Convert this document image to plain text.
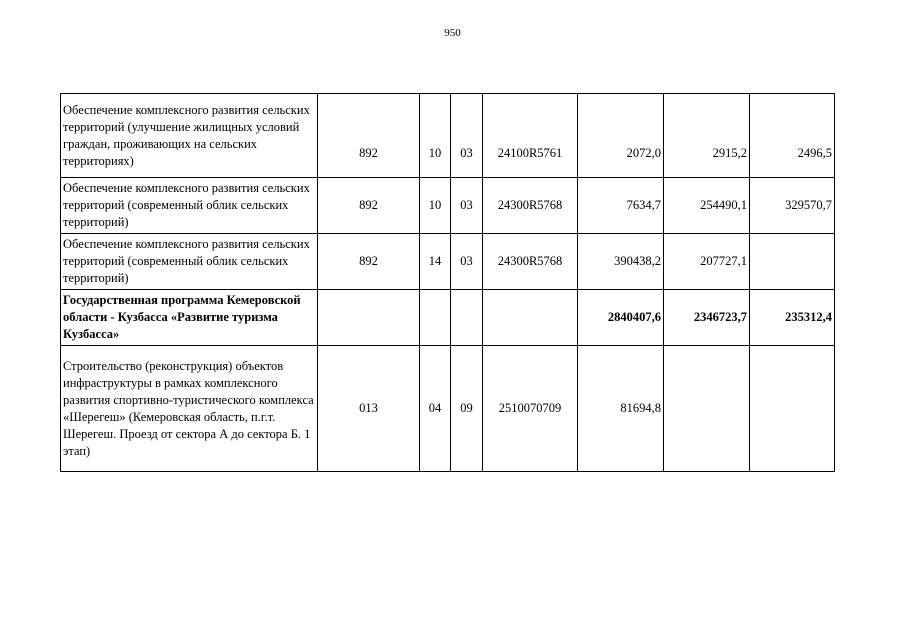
950
Обеспечение комплексного развития сельских территорий (улучшение жилищных условий граждан, проживающих на сельских территориях)	892	10	03	24100R5761	2072,0	2915,2	2496,5
Обеспечение комплексного развития сельских территорий (современный облик сельских территорий)	892	10	03	24300R5768	7634,7	254490,1	329570,7
Обеспечение комплексного развития сельских территорий (современный облик сельских территорий)	892	14	03	24300R5768	390438,2	207727,1	
Государственная программа Кемеровской области - Кузбасса «Развитие туризма Кузбасса»					2840407,6	2346723,7	235312,4
Строительство (реконструкция) объектов инфраструктуры в рамках комплексного развития спортивно-туристического комплекса «Шерегеш» (Кемеровская область, п.г.т. Шерегеш. Проезд от сектора А до сектора Б. 1 этап)	013	04	09	2510070709	81694,8		
